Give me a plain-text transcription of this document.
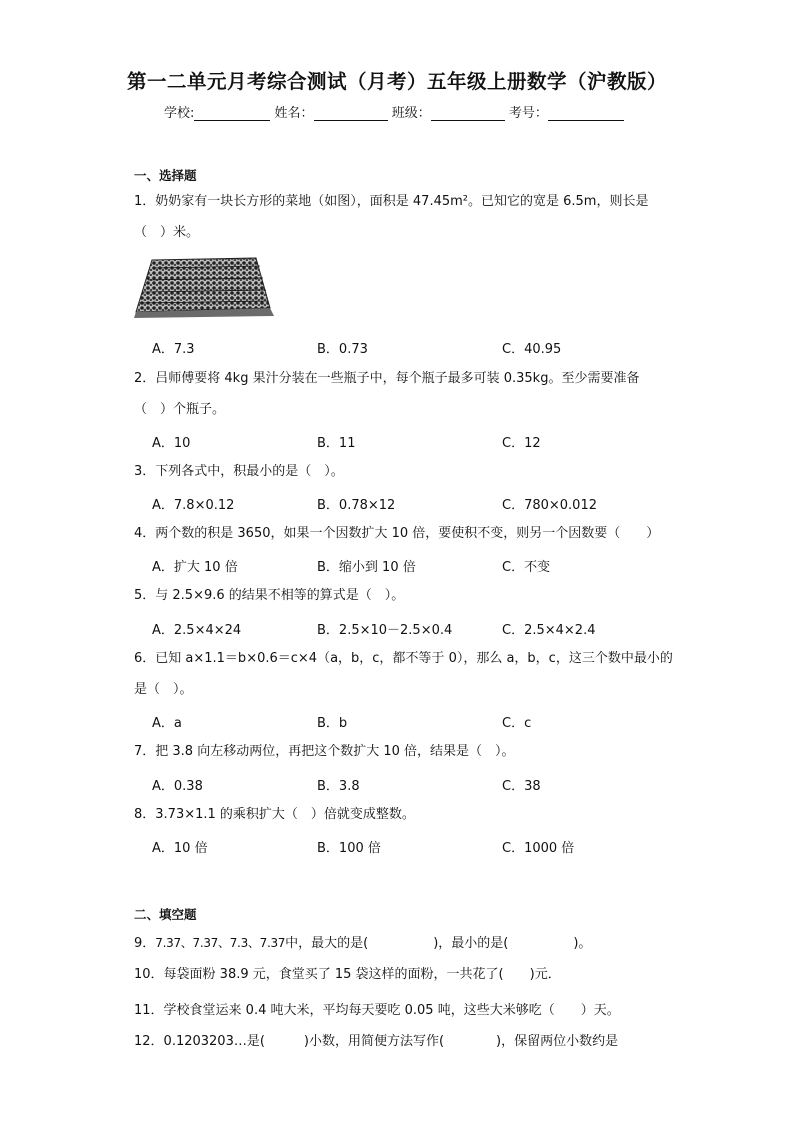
第一二单元月考综合测试（月考）五年级上册数学（沪教版）
学校:	姓名：	班级：	考号：
一、选择题
1．奶奶家有一块长方形的菜地（如图），面积是 47.45m²。已知它的宽是 6.5m，则长是
（　）米。
A．7.3	B．0.73	C．40.95
2．吕师傅要将 4kg 果汁分装在一些瓶子中，每个瓶子最多可装 0.35kg。至少需要准备
（　）个瓶子。
A．10	B．11	C．12
3．下列各式中，积最小的是（　）。
A．7.8×0.12	B．0.78×12	C．780×0.012
4．两个数的积是 3650，如果一个因数扩大 10 倍，要使积不变，则另一个因数要（　　）
A．扩大 10 倍	B．缩小到 10 倍	C．不变
5．与 2.5×9.6 的结果不相等的算式是（　）。
A．2.5×4×24	B．2.5×10－2.5×0.4	C．2.5×4×2.4
6．已知 a×1.1＝b×0.6＝c×4（a，b，c，都不等于 0），那么 a，b，c，这三个数中最小的
是（　）。
A．a	B．b	C．c
7．把 3.8 向左移动两位，再把这个数扩大 10 倍，结果是（　）。
A．0.38	B．3.8	C．38
8．3.73×1.1 的乘积扩大（　）倍就变成整数。
A．10 倍	B．100 倍	C．1000 倍
二、填空题
9．7.37、7.37、7.3、7.37中，最大的是(　　　　　)，最小的是(　　　　　)。
10．每袋面粉 38.9 元，食堂买了 15 袋这样的面粉，一共花了(　　)元．
11．学校食堂运来 0.4 吨大米，平均每天要吃 0.05 吨，这些大米够吃（　　）天。
12．0.1203203…是(　　　)小数，用简便方法写作(　　　　)，保留两位小数约是
